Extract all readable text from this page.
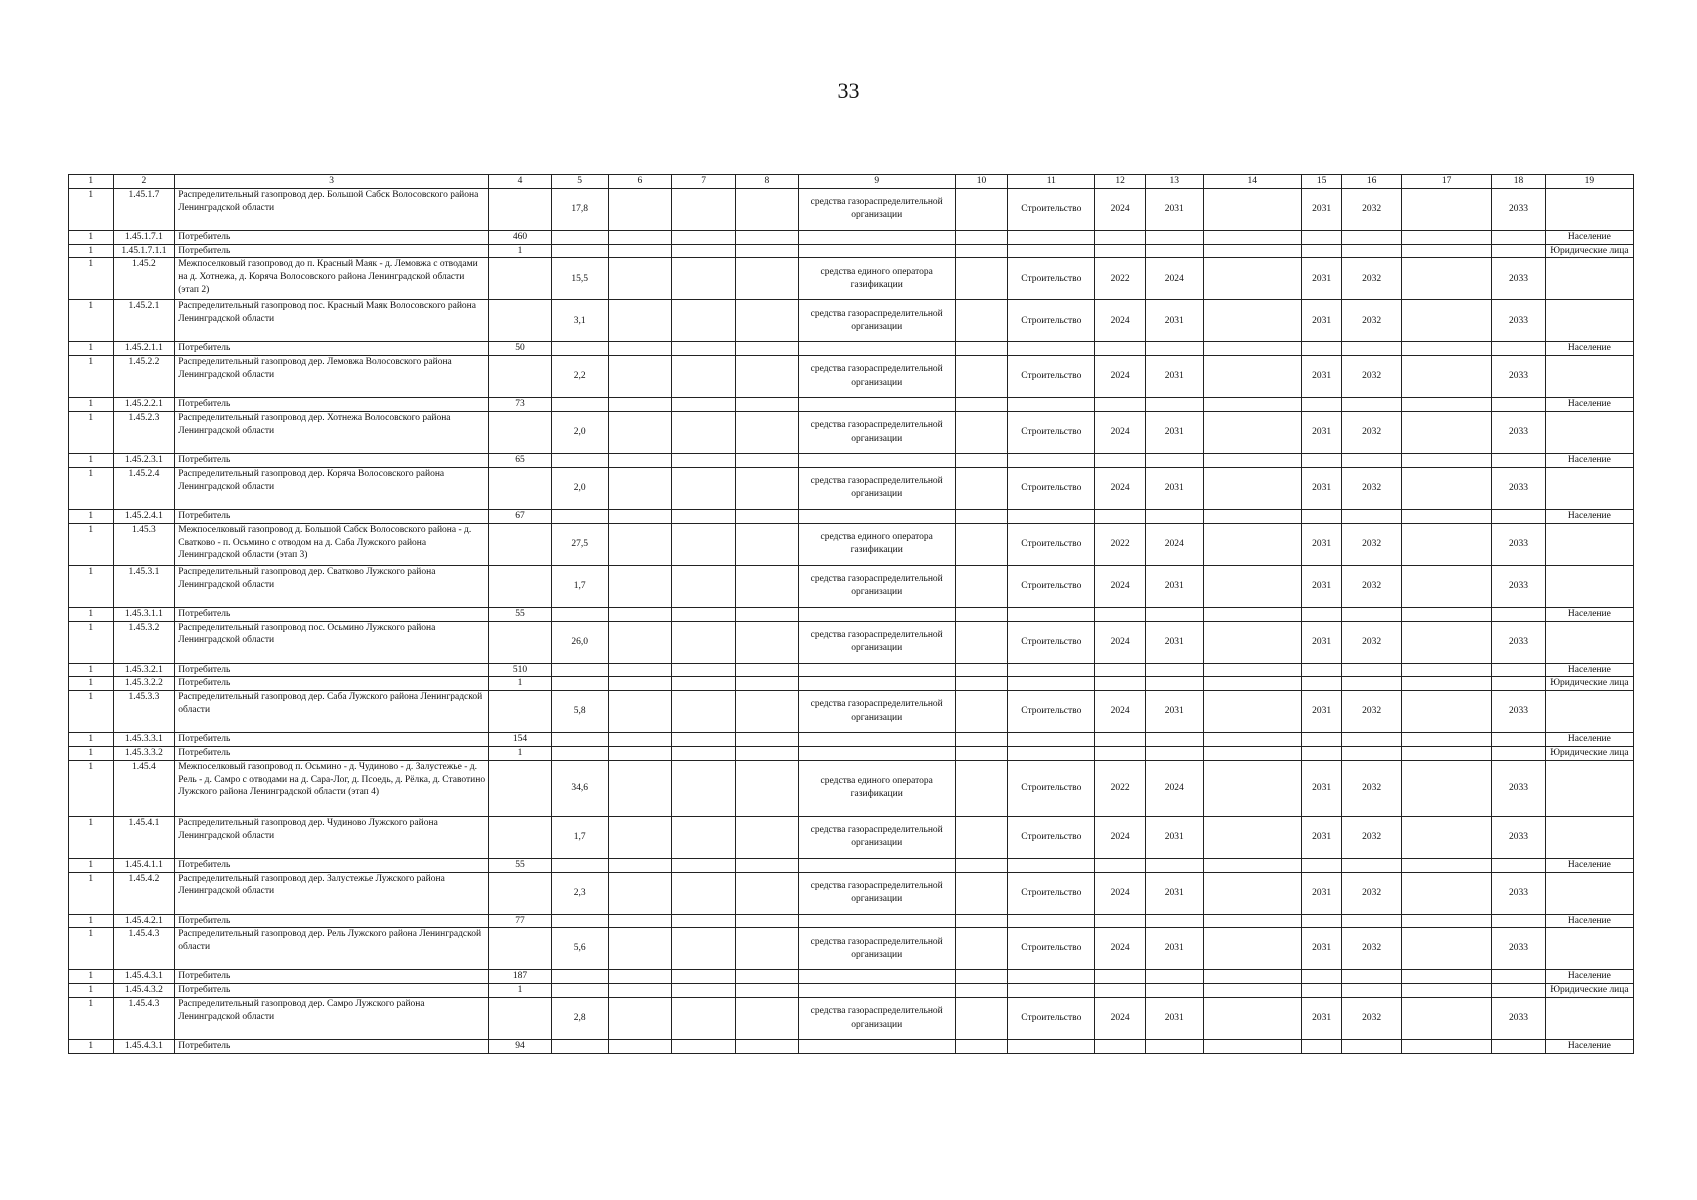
33
1	2	3	4	5	6	7	8	9	10	11	12	13	14	15	16	17	18	19
1	1.45.1.7	Распределительный газопровод дер. Большой Сабск Волосовского района Ленинградской области		17,8				средства газораспределительной организации		Строительство	2024	2031		2031	2032		2033	
1	1.45.1.7.1	Потребитель	460															Население
1	1.45.1.7.1.1	Потребитель	1															Юридические лица
1	1.45.2	Межпоселковый газопровод до п. Красный Маяк - д. Лемовжа с отводами на д. Хотнежа, д. Коряча Волосовского района Ленинградской области (этап 2)		15,5				средства единого оператора газификации		Строительство	2022	2024		2031	2032		2033	
1	1.45.2.1	Распределительный газопровод пос. Красный Маяк Волосовского района Ленинградской области		3,1				средства газораспределительной организации		Строительство	2024	2031		2031	2032		2033	
1	1.45.2.1.1	Потребитель	50															Население
1	1.45.2.2	Распределительный газопровод дер. Лемовжа Волосовского района Ленинградской области		2,2				средства газораспределительной организации		Строительство	2024	2031		2031	2032		2033	
1	1.45.2.2.1	Потребитель	73															Население
1	1.45.2.3	Распределительный газопровод дер. Хотнежа Волосовского района Ленинградской области		2,0				средства газораспределительной организации		Строительство	2024	2031		2031	2032		2033	
1	1.45.2.3.1	Потребитель	65															Население
1	1.45.2.4	Распределительный газопровод дер. Коряча Волосовского района Ленинградской области		2,0				средства газораспределительной организации		Строительство	2024	2031		2031	2032		2033	
1	1.45.2.4.1	Потребитель	67															Население
1	1.45.3	Межпоселковый газопровод д. Большой Сабск Волосовского района - д. Сватково - п. Осьмино с отводом на д. Саба Лужского района Ленинградской области (этап 3)		27,5				средства единого оператора газификации		Строительство	2022	2024		2031	2032		2033	
1	1.45.3.1	Распределительный газопровод дер. Сватково Лужского района Ленинградской области		1,7				средства газораспределительной организации		Строительство	2024	2031		2031	2032		2033	
1	1.45.3.1.1	Потребитель	55															Население
1	1.45.3.2	Распределительный газопровод пос. Осьмино Лужского района Ленинградской области		26,0				средства газораспределительной организации		Строительство	2024	2031		2031	2032		2033	
1	1.45.3.2.1	Потребитель	510															Население
1	1.45.3.2.2	Потребитель	1															Юридические лица
1	1.45.3.3	Распределительный газопровод дер. Саба Лужского района Ленинградской области		5,8				средства газораспределительной организации		Строительство	2024	2031		2031	2032		2033	
1	1.45.3.3.1	Потребитель	154															Население
1	1.45.3.3.2	Потребитель	1															Юридические лица
1	1.45.4	Межпоселковый газопровод п. Осьмино - д. Чудиново - д. Залустежье - д. Рель - д. Самро с отводами на д. Сара-Лог, д. Псоедь, д. Рёлка, д. Ставотино Лужского района Ленинградской области (этап 4)		34,6				средства единого оператора газификации		Строительство	2022	2024		2031	2032		2033	
1	1.45.4.1	Распределительный газопровод дер. Чудиново Лужского района Ленинградской области		1,7				средства газораспределительной организации		Строительство	2024	2031		2031	2032		2033	
1	1.45.4.1.1	Потребитель	55															Население
1	1.45.4.2	Распределительный газопровод дер. Залустежье Лужского района Ленинградской области		2,3				средства газораспределительной организации		Строительство	2024	2031		2031	2032		2033	
1	1.45.4.2.1	Потребитель	77															Население
1	1.45.4.3	Распределительный газопровод дер. Рель Лужского района Ленинградской области		5,6				средства газораспределительной организации		Строительство	2024	2031		2031	2032		2033	
1	1.45.4.3.1	Потребитель	187															Население
1	1.45.4.3.2	Потребитель	1															Юридические лица
1	1.45.4.3	Распределительный газопровод дер. Самро Лужского района Ленинградской области		2,8				средства газораспределительной организации		Строительство	2024	2031		2031	2032		2033	
1	1.45.4.3.1	Потребитель	94															Население
